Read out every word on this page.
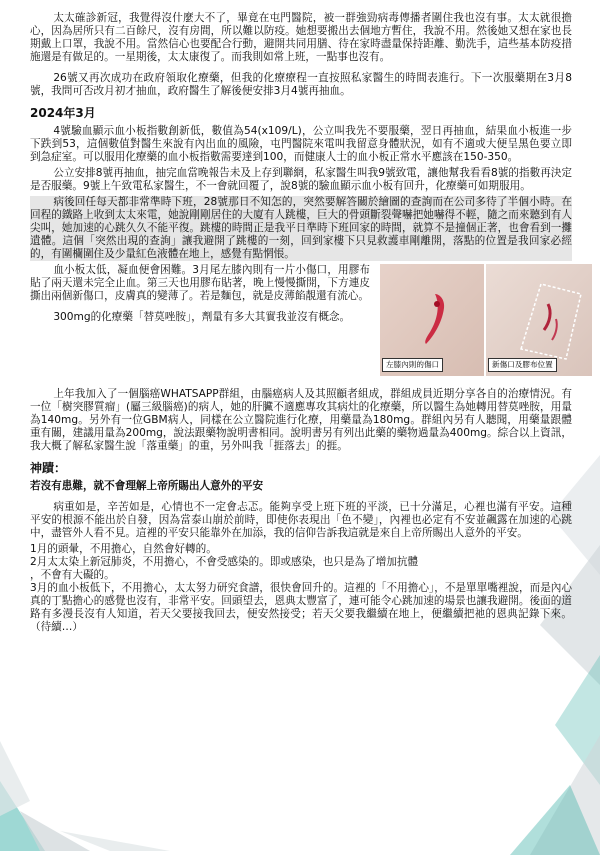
太太確診新冠，我覺得沒什麼大不了，畢竟在屯門醫院，被一群強勁病毒傳播者圍住我也沒有事。太太就很擔心，因為居所只有二百餘尺，沒有房間，所以難以防疫。她想要搬出去個地方暫住，我說不用。然後她又想在家也長期戴上口罩，我說不用。當然信心也要配合行動，避開共同用膳、待在家時盡量保持距離、勤洗手，這些基本防疫措施還是有做足的。一星期後，太太康復了。而我則如常上班，一點事也沒有。

26號又再次成功在政府領取化療藥，但我的化療療程一直按照私家醫生的時間表進行。下一次服藥期在3月8號，我問可否改月初才抽血，政府醫生了解後便安排3月4號再抽血。

2024年3月

4號驗血顯示血小板指數創新低，數值為54(x109/L)，公立叫我先不要服藥，翌日再抽血，結果血小板進一步下跌到53，這個數值對醫生來說有內出血的風險，屯門醫院來電叫我留意身體狀況，如有不適或大便呈黑色要立即到急症室。可以服用化療藥的血小板指數需要達到100，而健康人士的血小板正常水平應該在150-350。

公立安排8號再抽血，抽完血當晚報告未及上存到聯網，私家醫生叫我9號致電，讓他幫我看看8號的指數再決定是否服藥。9號上午致電私家醫生，不一會就回覆了，說8號的驗血顯示血小板有回升，化療藥可如期服用。

病後回任每天都非常準時下班，28號那日不知怎的，突然要解答關於繪圖的查詢而在公司多待了半個小時。在回程的鐵路上收到太太來電，她說剛剛居住的大廈有人跳樓，巨大的骨頭斷裂聲嚇把她嚇得不輕，隨之而來聽到有人尖叫，她加速的心跳久久不能平復。跳樓的時間正是我平日準時下班回家的時間，就算不是撞個正著，也會看到一攤遺體。這個「突然出現的查詢」讓我避開了跳樓的一刻，回到家樓下只見救護車剛離開，落點的位置是我回家必經的，有圍欄圍住及少量紅色液體在地上，感覺有點惘悵。

血小板太低，凝血便會困難。3月尾左膝內則有一片小傷口，用膠布貼了兩天還未完全止血。第三天也用膠布貼著，晚上慢慢撕開，下方連皮撕出兩個新傷口，皮膚真的變薄了。若是麵包，就是皮薄餡靚還有流心。

300mg的化療藥「替莫唑胺」，劑量有多大其實我並沒有概念。

左膝內則的傷口	新傷口及膠布位置

上年我加入了一個腦癌WHATSAPP群組，由腦癌病人及其照顧者組成，群組成員近期分享各自的治療情況。有一位「樹突膠質瘤」(屬三級腦癌)的病人，她的肝臟不適應專攻其病灶的化療藥，所以醫生為她轉用替莫唑胺，用量為140mg。另外有一位GBM病人，同樣在公立醫院進行化療，用藥量為180mg。群組內另有人聽聞，用藥量跟體重有關，建議用量為200mg，說法跟藥物說明書相同。說明書另有列出此藥的藥物過量為400mg。綜合以上資訊，我大概了解私家醫生說「落重藥」的重，另外叫我「捱落去」的捱。

神蹟：

若沒有患難，就不會理解上帝所賜出人意外的平安

病重如是，辛苦如是，心情也不一定會忐忑。能夠享受上班下班的平淡，已十分滿足，心裡也滿有平安。這種平安的根源不能出於自發，因為當泰山崩於前時，即使你表現出「色不變」，內裡也必定有不安並飆露在加速的心跳中，盡管外人看不見。這裡的平安只能靠外在加添，我的信仰告訴我這就是來自上帝所賜出人意外的平安。

1月的頭暈，不用擔心，自然會好轉的。

2月太太染上新冠肺炎，不用擔心，不會受感染的。即或感染，也只是為了增加抗體

，不會有大礙的。

3月的血小板低下，不用擔心，太太努力研究食譜，很快會回升的。這裡的「不用擔心」，不是單單嘴裡說，而是內心真的丁點擔心的感覺也沒有，非常平安。回頭望去，恩典太豐富了，連可能令心跳加速的場景也讓我避開。後面的道路有多漫長沒有人知道，若天父要接我回去，便安然接受；若天父要我繼續在地上，便繼續把祂的恩典記錄下來。（待續…）
